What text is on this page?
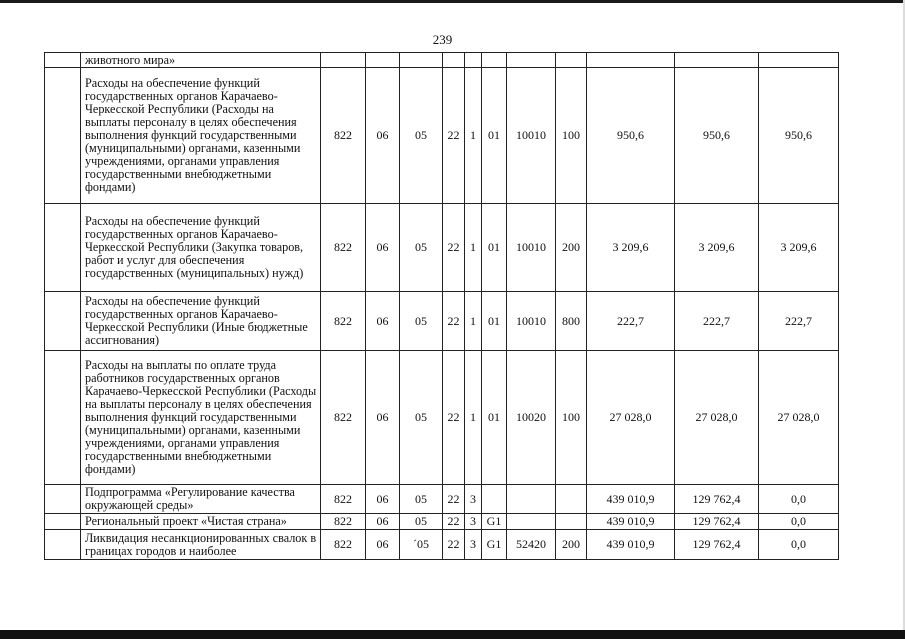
239
	животного мира»											
	Расходы на обеспечение функций государственных органов Карачаево-Черкесской Республики (Расходы на выплаты персоналу в целях обеспечения выполнения функций государственными (муниципальными) органами, казенными учреждениями, органами управления государственными внебюджетными фондами)	822	06	05	22	1	01	10010	100	950,6	950,6	950,6
	Расходы на обеспечение функций государственных органов Карачаево-Черкесской Республики (Закупка товаров, работ и услуг для обеспечения государственных (муниципальных) нужд)	822	06	05	22	1	01	10010	200	3 209,6	3 209,6	3 209,6
	Расходы на обеспечение функций государственных органов Карачаево-Черкесской Республики (Иные бюджетные ассигнования)	822	06	05	22	1	01	10010	800	222,7	222,7	222,7
	Расходы на выплаты по оплате труда работников государственных органов Карачаево-Черкесской Республики (Расходы на выплаты персоналу в целях обеспечения выполнения функций государственными (муниципальными) органами, казенными учреждениями, органами управления государственными внебюджетными фондами)	822	06	05	22	1	01	10020	100	27 028,0	27 028,0	27 028,0
	Подпрограмма «Регулирование качества окружающей среды»	822	06	05	22	3				439 010,9	129 762,4	0,0
	Региональный проект «Чистая страна»	822	06	05	22	3	G1			439 010,9	129 762,4	0,0
	Ликвидация несанкционированных свалок в границах городов и наиболее	822	06	´05	22	3	G1	52420	200	439 010,9	129 762,4	0,0
